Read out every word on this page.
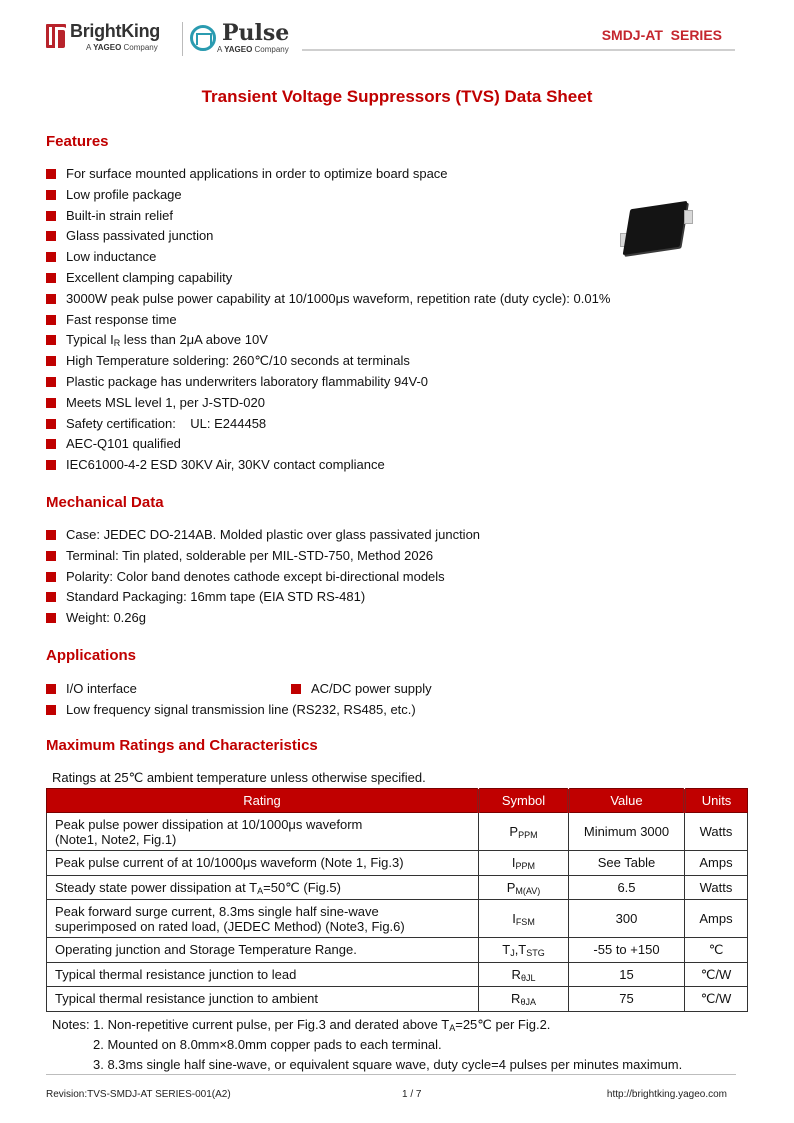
BrightKing
A YAGEO Company
Pulse
A YAGEO Company
SMDJ-AT  SERIES
Transient Voltage Suppressors (TVS) Data Sheet
Features
For surface mounted applications in order to optimize board space
Low profile package
Built-in strain relief
Glass passivated junction
Low inductance
Excellent clamping capability
3000W peak pulse power capability at 10/1000μs waveform, repetition rate (duty cycle): 0.01%
Fast response time
Typical $I_R$ less than 2μA above 10V
High Temperature soldering: 260℃/10 seconds at terminals
Plastic package has underwriters laboratory flammability 94V-0
Meets MSL level 1, per J-STD-020
Safety certification:    UL: E244458
AEC-Q101 qualified
IEC61000-4-2 ESD 30KV Air, 30KV contact compliance
Mechanical Data
Case: JEDEC DO-214AB. Molded plastic over glass passivated junction
Terminal: Tin plated, solderable per MIL-STD-750, Method 2026
Polarity: Color band denotes cathode except bi-directional models
Standard Packaging: 16mm tape (EIA STD RS-481)
Weight: 0.26g
Applications
I/O interface	AC/DC power supply
Low frequency signal transmission line (RS232, RS485, etc.)
Maximum Ratings and Characteristics
Ratings at 25℃ ambient temperature unless otherwise specified.
Rating	Symbol	Value	Units
Peak pulse power dissipation at 10/1000μs waveform
(Note1, Note2, Fig.1)	$P_{PPM}$	Minimum 3000	Watts
Peak pulse current of at 10/1000μs waveform (Note 1, Fig.3)	$I_{PPM}$	See Table	Amps
Steady state power dissipation at $T_A=50℃$ (Fig.5)	$P_{M(AV)}$	6.5	Watts
Peak forward surge current, 8.3ms single half sine-wave
superimposed on rated load, (JEDEC Method) (Note3, Fig.6)	$I_{FSM}$	300	Amps
Operating junction and Storage Temperature Range.	$T_J,T_{STG}$	-55 to +150	℃
Typical thermal resistance junction to lead	$R_{\theta JL}$	15	℃/W
Typical thermal resistance junction to ambient	$R_{\theta JA}$	75	℃/W
Notes: 1. Non-repetitive current pulse, per Fig.3 and derated above $T_A=25℃$ per Fig.2.
2. Mounted on 8.0mm×8.0mm copper pads to each terminal.
3. 8.3ms single half sine-wave, or equivalent square wave, duty cycle=4 pulses per minutes maximum.
Revision:TVS-SMDJ-AT SERIES-001(A2)	1 / 7	http://brightking.yageo.com
